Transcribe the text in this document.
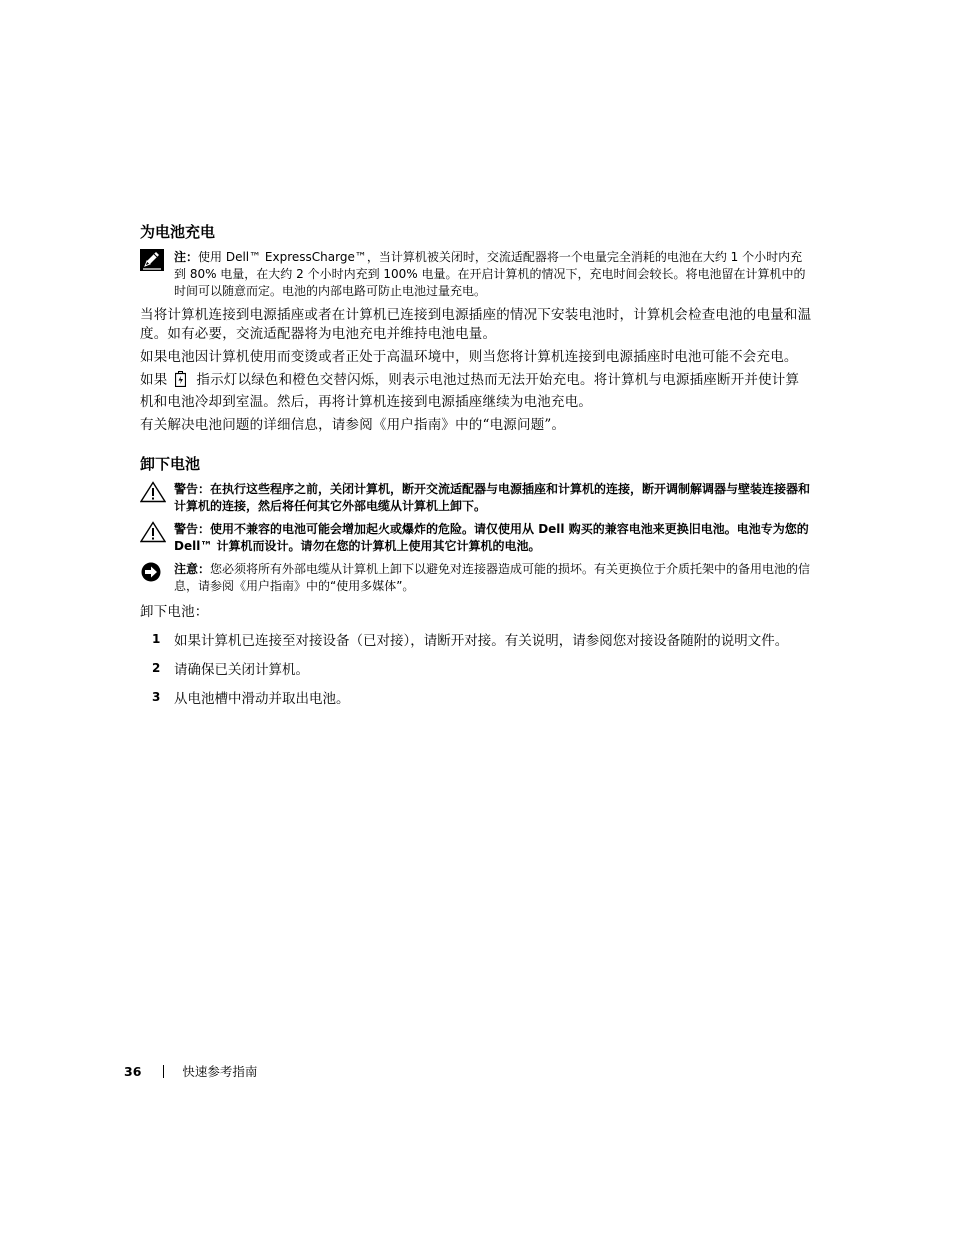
为电池充电
注：使用 Dell™ ExpressCharge™，当计算机被关闭时，交流适配器将一个电量完全消耗的电池在大约 1 个小时内充到 80% 电量，在大约 2 个小时内充到 100% 电量。在开启计算机的情况下，充电时间会较长。将电池留在计算机中的时间可以随意而定。电池的内部电路可防止电池过量充电。

当将计算机连接到电源插座或者在计算机已连接到电源插座的情况下安装电池时，计算机会检查电池的电量和温度。如有必要，交流适配器将为电池充电并维持电池电量。

如果电池因计算机使用而变烫或者正处于高温环境中，则当您将计算机连接到电源插座时电池可能不会充电。

如果 指示灯以绿色和橙色交替闪烁，则表示电池过热而无法开始充电。将计算机与电源插座断开并使计算机和电池冷却到室温。然后，再将计算机连接到电源插座继续为电池充电。

有关解决电池问题的详细信息，请参阅《用户指南》中的“电源问题”。

卸下电池
警告：在执行这些程序之前，关闭计算机，断开交流适配器与电源插座和计算机的连接，断开调制解调器与壁装连接器和计算机的连接，然后将任何其它外部电缆从计算机上卸下。
警告：使用不兼容的电池可能会增加起火或爆炸的危险。请仅使用从 Dell 购买的兼容电池来更换旧电池。电池专为您的 Dell™ 计算机而设计。请勿在您的计算机上使用其它计算机的电池。
注意：您必须将所有外部电缆从计算机上卸下以避免对连接器造成可能的损坏。有关更换位于介质托架中的备用电池的信息，请参阅《用户指南》中的“使用多媒体”。

卸下电池：

1 如果计算机已连接至对接设备（已对接），请断开对接。有关说明，请参阅您对接设备随附的说明文件。
2 请确保已关闭计算机。
3 从电池槽中滑动并取出电池。
36	快速参考指南
